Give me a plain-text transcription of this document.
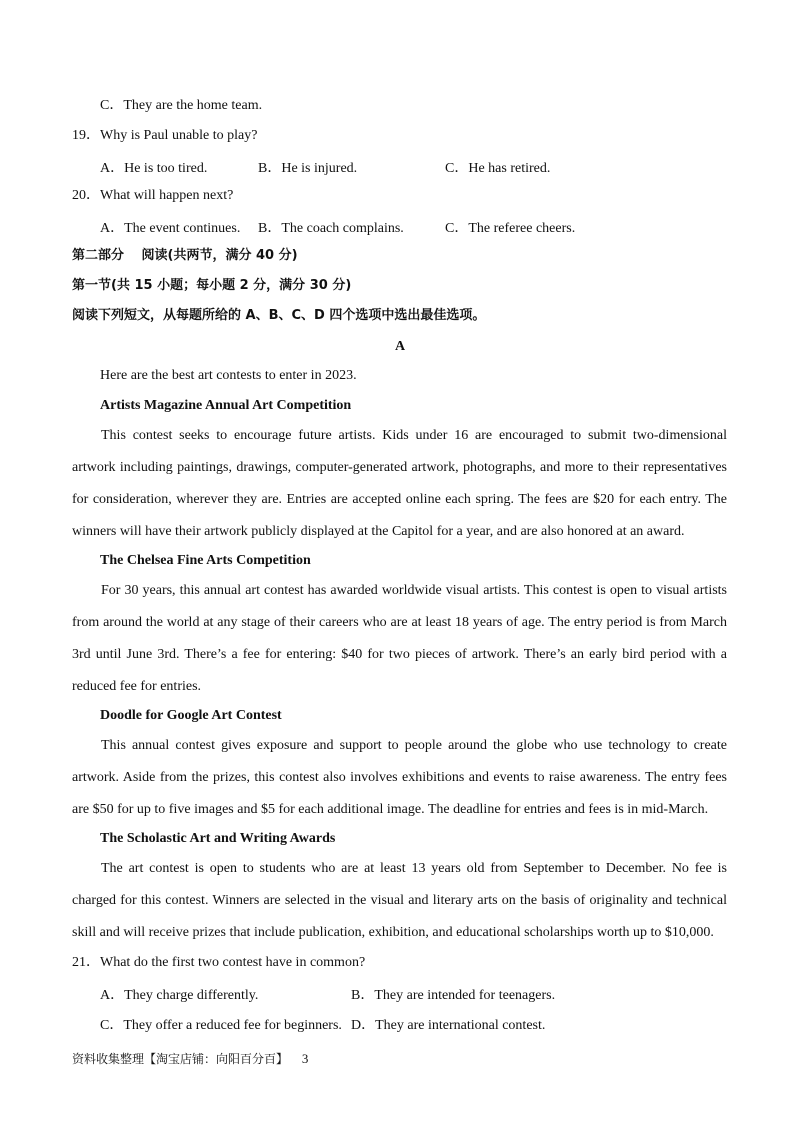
C．They are the home team.
19．Why is Paul unable to play?
A．He is too tired.	B．He is injured.	C．He has retired.
20．What will happen next?
A．The event continues. B．The coach complains.	C．The referee cheers.
第二部分　 阅读(共两节，满分 40 分)
第一节(共 15 小题；每小题 2 分，满分 30 分)
阅读下列短文，从每题所给的 A、B、C、D 四个选项中选出最佳选项。
A
Here are the best art contests to enter in 2023.
Artists Magazine Annual Art Competition
This contest seeks to encourage future artists. Kids under 16 are encouraged to submit two-dimensional artwork including paintings, drawings, computer-generated artwork, photographs, and more to their representatives for consideration, wherever they are. Entries are accepted online each spring. The fees are $20 for each entry. The winners will have their artwork publicly displayed at the Capitol for a year, and are also honored at an award.
The Chelsea Fine Arts Competition
For 30 years, this annual art contest has awarded worldwide visual artists. This contest is open to visual artists from around the world at any stage of their careers who are at least 18 years of age. The entry period is from March 3rd until June 3rd. There’s a fee for entering: $40 for two pieces of artwork. There’s an early bird period with a reduced fee for entries.
Doodle for Google Art Contest
This annual contest gives exposure and support to people around the globe who use technology to create artwork. Aside from the prizes, this contest also involves exhibitions and events to raise awareness. The entry fees are $50 for up to five images and $5 for each additional image. The deadline for entries and fees is in mid-March.
The Scholastic Art and Writing Awards
The art contest is open to students who are at least 13 years old from September to December. No fee is charged for this contest. Winners are selected in the visual and literary arts on the basis of originality and technical skill and will receive prizes that include publication, exhibition, and educational scholarships worth up to $10,000.
21．What do the first two contest have in common?
A．They charge differently.	B．They are intended for teenagers.
C．They offer a reduced fee for beginners. D．They are international contest.
资料收集整理【淘宝店铺：向阳百分百】 3
